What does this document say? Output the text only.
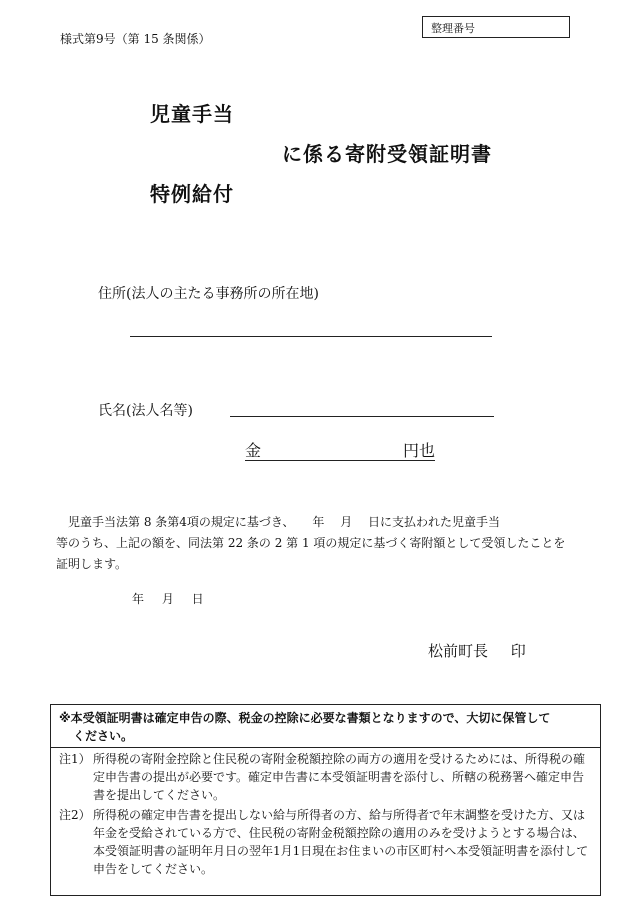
様式第9号（第 15 条関係）
整理番号
児童手当
に係る寄附受領証明書
特例給付
住所(法人の主たる事務所の所在地)
氏名(法人名等)
金	円也

児童手当法第 8 条第4項の規定に基づき、　　年　 月　 日に支払われた児童手当

等のうち、上記の額を、同法第 22 条の 2 第 1 項の規定に基づく寄附額として受領したことを

証明します。

年 月 日
松前町長 印
※本受領証明書は確定申告の際、税金の控除に必要な書類となりますので、大切に保管して
ください。
注1） 所得税の寄附金控除と住民税の寄附金税額控除の両方の適用を受けるためには、所得税の確定申告書の提出が必要です。確定申告書に本受領証明書を添付し、所轄の税務署へ確定申告書を提出してください。
注2） 所得税の確定申告書を提出しない給与所得者の方、給与所得者で年末調整を受けた方、又は年金を受給されている方で、住民税の寄附金税額控除の適用のみを受けようとする場合は、本受領証明書の証明年月日の翌年1月1日現在お住まいの市区町村へ本受領証明書を添付して申告をしてください。
